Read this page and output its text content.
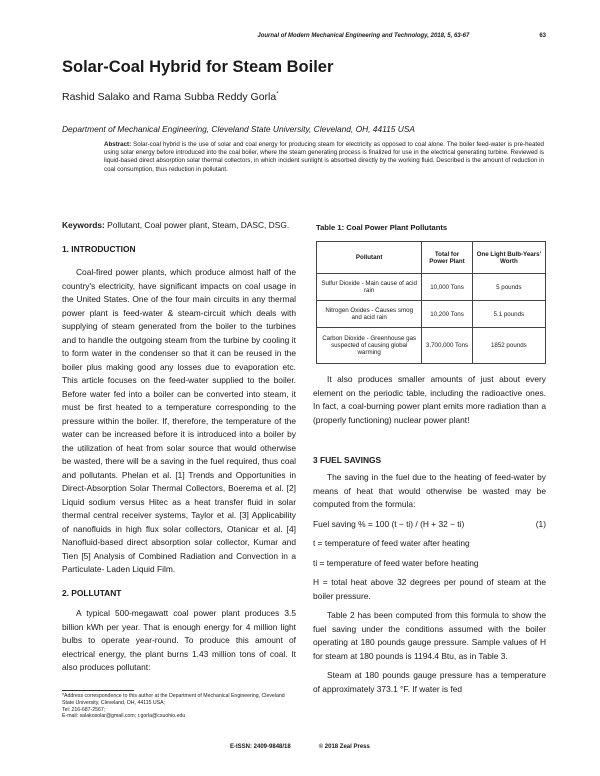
Journal of Modern Mechanical Engineering and Technology, 2018, 5, 63-67	63
Solar-Coal Hybrid for Steam Boiler
Rashid Salako and Rama Subba Reddy Gorla*
Department of Mechanical Engineering, Cleveland State University, Cleveland, OH, 44115 USA
Abstract: Solar-coal hybrid is the use of solar and coal energy for producing steam for electricity as opposed to coal alone. The boiler feed-water is pre-heated using solar energy before introduced into the coal boiler, where the steam generating process is finalized for use in the electrical generating turbine. Reviewed is liquid-based direct absorption solar thermal collectors, in which incident sunlight is absorbed directly by the working fluid. Described is the amount of reduction in coal consumption, thus reduction in pollutant.
Keywords: Pollutant, Coal power plant, Steam, DASC, DSG.
1. INTRODUCTION

Coal-fired power plants, which produce almost half of the country's electricity, have significant impacts on coal usage in the United States. One of the four main circuits in any thermal power plant is feed-water & steam-circuit which deals with supplying of steam generated from the boiler to the turbines and to handle the outgoing steam from the turbine by cooling it to form water in the condenser so that it can be reused in the boiler plus making good any losses due to evaporation etc. This article focuses on the feed-water supplied to the boiler. Before water fed into a boiler can be converted into steam, it must be first heated to a temperature corresponding to the pressure within the boiler. If, therefore, the temperature of the water can be increased before it is introduced into a boiler by the utilization of heat from solar source that would otherwise be wasted, there will be a saving in the fuel required, thus coal and pollutants. Phelan et al. [1] Trends and Opportunities in Direct-Absorption Solar Thermal Collectors, Boerema et al. [2] Liquid sodium versus Hitec as a heat transfer fluid in solar thermal central receiver systems, Taylor et al. [3] Applicability of nanofluids in high flux solar collectors, Otanicar et al. [4] Nanofluid-based direct absorption solar collector, Kumar and Tien [5] Analysis of Combined Radiation and Convection in a Particulate- Laden Liquid Film.

2. POLLUTANT

A typical 500-megawatt coal power plant produces 3.5 billion kWh per year. That is enough energy for 4 million light bulbs to operate year-round. To produce this amount of electrical energy, the plant burns 1.43 million tons of coal. It also produces pollutant:

*Address correspondence to this author at the Department of Mechanical Engineering, Cleveland State University, Cleveland, OH, 44115 USA;
Tel: 216-687-2567;
E-mail: salakosolar@gmail.com; r.gorla@csuohio.edu
Table 1: Coal Power Plant Pollutants
Pollutant	Total for Power Plant	One Light Bulb-Years' Worth
Sulfur Dioxide - Main cause of acid rain	10,000 Tons	5 pounds
Nitrogen Oxides - Causes smog and acid rain	10,200 Tons	5.1 pounds
Carbon Dioxide - Greenhouse gas suspected of causing global warming	3,700,000 Tons	1852 pounds

It also produces smaller amounts of just about every element on the periodic table, including the radioactive ones. In fact, a coal-burning power plant emits more radiation than a (properly functioning) nuclear power plant!

3 FUEL SAVINGS

The saving in the fuel due to the heating of feed-water by means of heat that would otherwise be wasted may be computed from the formula:

Fuel saving % = 100 (t − ti) / (H + 32 − ti)	(1)
t = temperature of feed water after heating
ti = temperature of feed water before heating
H = total heat above 32 degrees per pound of steam at the boiler pressure.

Table 2 has been computed from this formula to show the fuel saving under the conditions assumed with the boiler operating at 180 pounds gauge pressure. Sample values of H for steam at 180 pounds is 1194.4 Btu, as in Table 3.

Steam at 180 pounds gauge pressure has a temperature of approximately 373.1 °F. If water is fed

E-ISSN: 2409-9848/18	© 2018 Zeal Press
